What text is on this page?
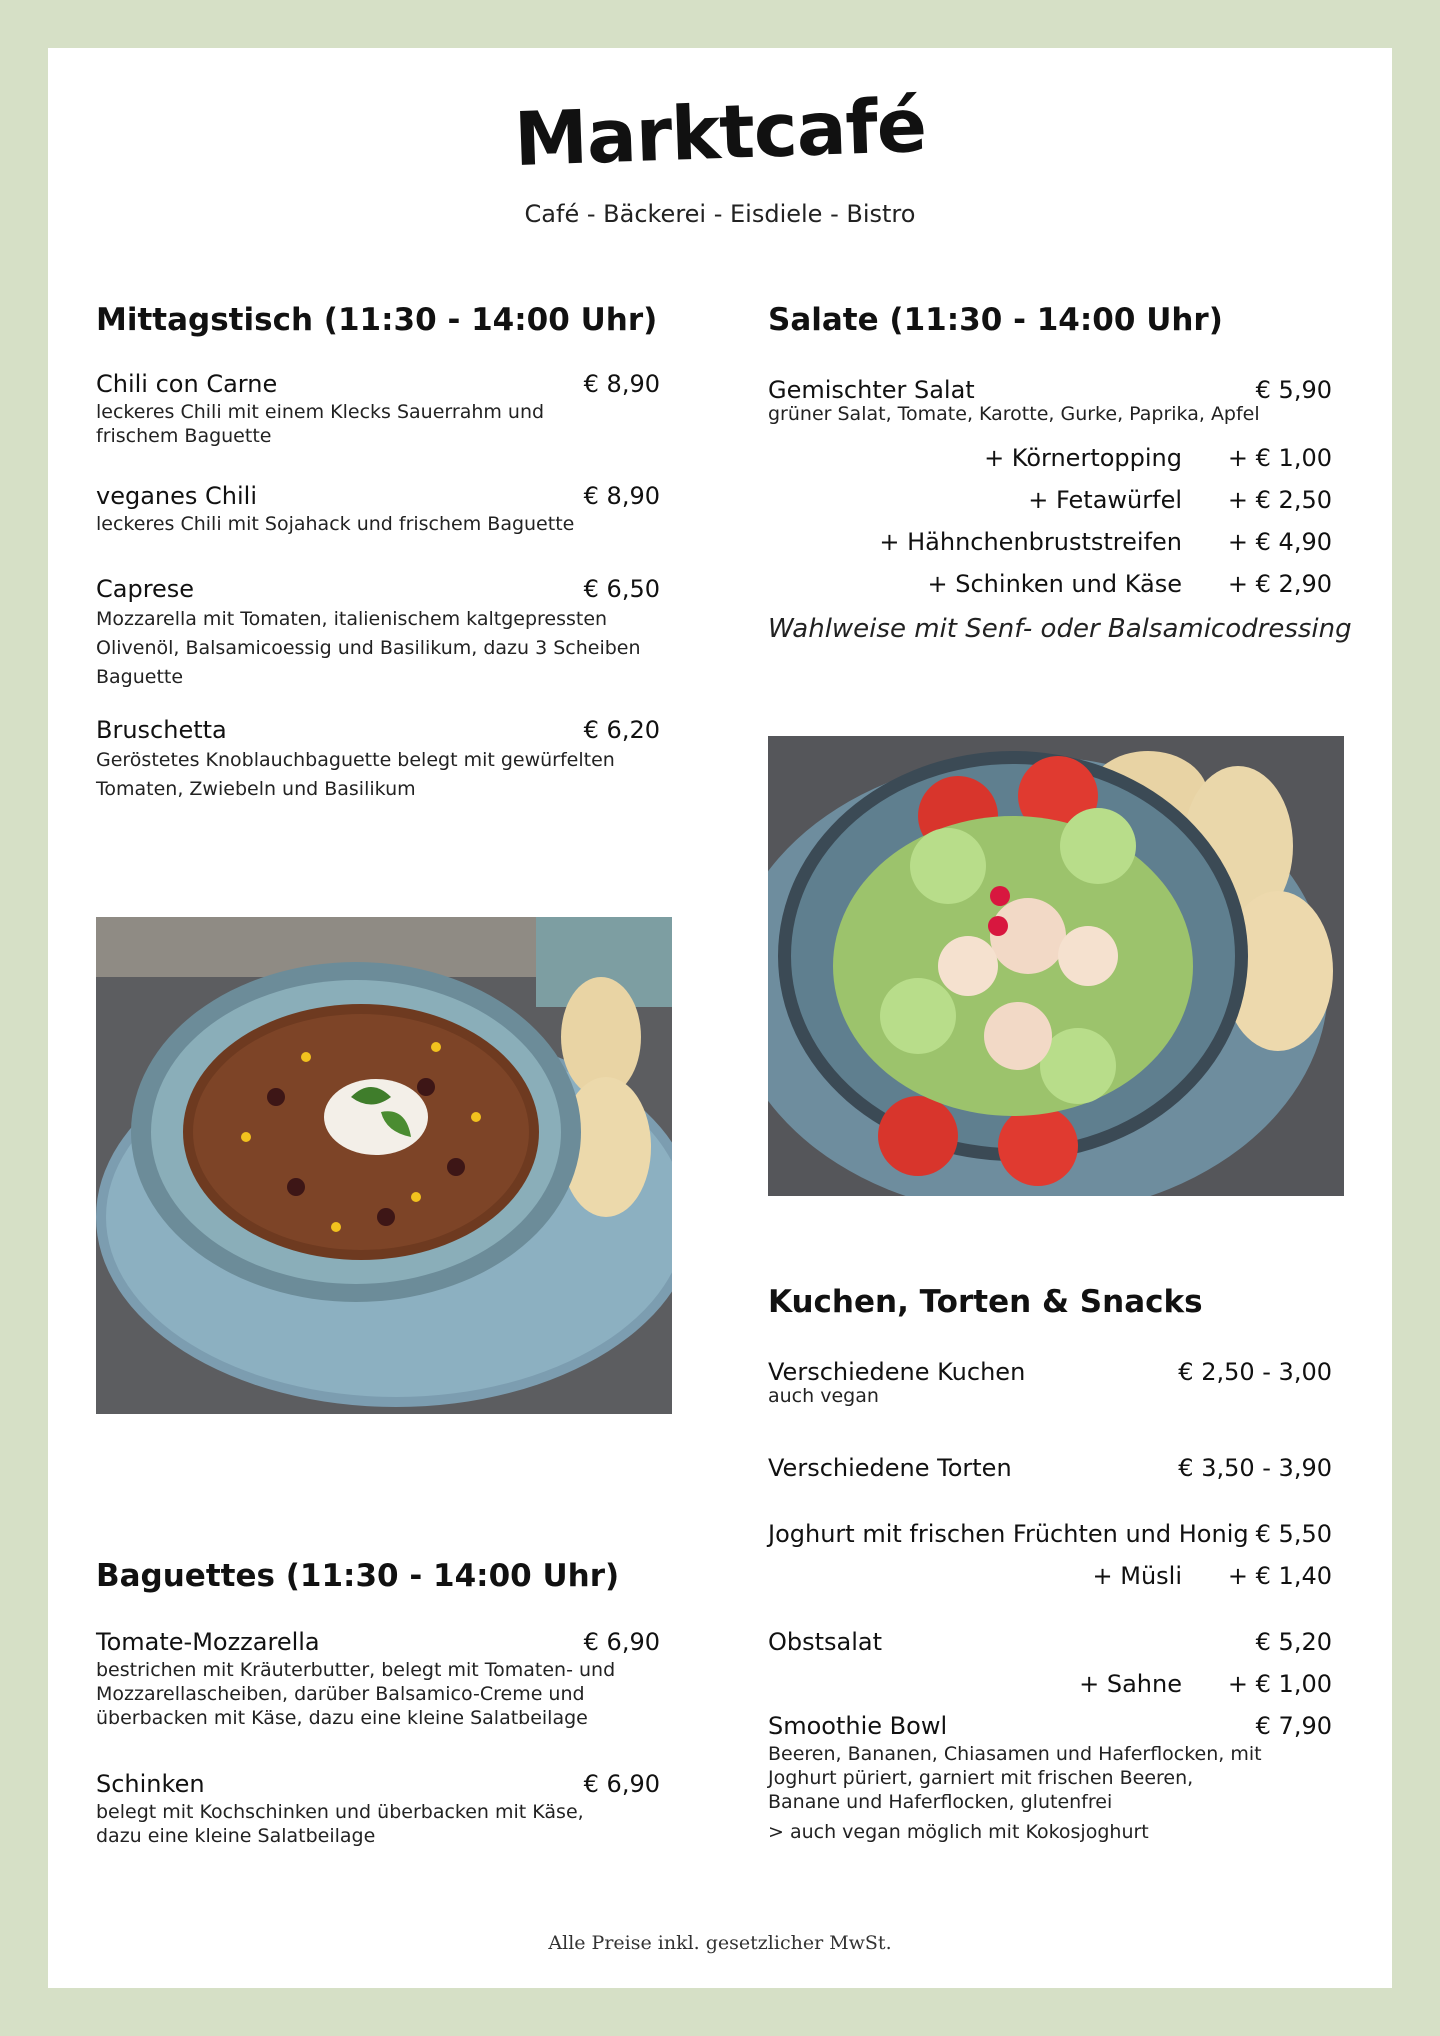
Marktcafé
Café - Bäckerei - Eisdiele - Bistro
Mittagstisch (11:30 - 14:00 Uhr)
Chili con Carne	€ 8,90
leckeres Chili mit einem Klecks Sauerrahm und frischem Baguette
veganes Chili	€ 8,90
leckeres Chili mit Sojahack und frischem Baguette
Caprese	€ 6,50
Mozzarella mit Tomaten, italienischem kaltgepressten Olivenöl, Balsamicoessig und Basilikum, dazu 3 Scheiben Baguette
Bruschetta	€ 6,20
Geröstetes Knoblauchbaguette belegt mit gewürfelten Tomaten, Zwiebeln und Basilikum
Baguettes (11:30 - 14:00 Uhr)
Tomate-Mozzarella	€ 6,90
bestrichen mit Kräuterbutter, belegt mit Tomaten- und Mozzarellascheiben, darüber Balsamico-Creme und überbacken mit Käse, dazu eine kleine Salatbeilage
Schinken	€ 6,90
belegt mit Kochschinken und überbacken mit Käse, dazu eine kleine Salatbeilage
Salate (11:30 - 14:00 Uhr)
Gemischter Salat	€ 5,90
grüner Salat, Tomate, Karotte, Gurke, Paprika, Apfel
+ Körnertopping	+ € 1,00
+ Fetawürfel	+ € 2,50
+ Hähnchenbruststreifen	+ € 4,90
+ Schinken und Käse	+ € 2,90
Wahlweise mit Senf- oder Balsamicodressing
Kuchen, Torten & Snacks
Verschiedene Kuchen	€ 2,50 - 3,00
auch vegan
Verschiedene Torten	€ 3,50 - 3,90
Joghurt mit frischen Früchten und Honig € 5,50
+ Müsli	+ € 1,40
Obstsalat	€ 5,20
+ Sahne	+ € 1,00
Smoothie Bowl	€ 7,90
Beeren, Bananen, Chiasamen und Haferflocken, mit Joghurt püriert, garniert mit frischen Beeren, Banane und Haferflocken, glutenfrei
> auch vegan möglich mit Kokosjoghurt
Alle Preise inkl. gesetzlicher MwSt.
